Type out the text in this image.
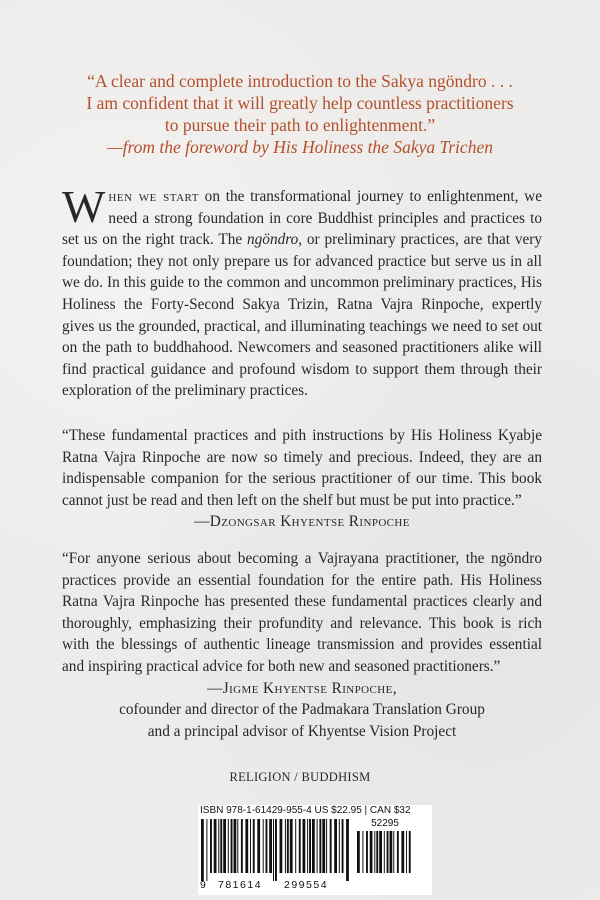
“A clear and complete introduction to the Sakya ngöndro . . .
I am confident that it will greatly help countless practitioners
to pursue their path to enlightenment.”
—from the foreword by His Holiness the Sakya Trichen
When we start on the transformational journey to enlightenment, we need a strong foundation in core Buddhist principles and practices to set us on the right track. The ngöndro, or preliminary practices, are that very foundation; they not only prepare us for advanced practice but serve us in all we do. In this guide to the common and uncommon preliminary practices, His Holiness the Forty-Second Sakya Trizin, Ratna Vajra Rinpoche, expertly gives us the grounded, practical, and illuminating teachings we need to set out on the path to buddhahood. Newcomers and seasoned practitioners alike will find practical guidance and profound wisdom to support them through their exploration of the preliminary practices.
“These fundamental practices and pith instructions by His Holiness Kyabje Ratna Vajra Rinpoche are now so timely and precious. Indeed, they are an indispensable companion for the serious practitioner of our time. This book cannot just be read and then left on the shelf but must be put into practice.”
—Dzongsar Khyentse Rinpoche
“For anyone serious about becoming a Vajrayana practitioner, the ngöndro practices provide an essential foundation for the entire path. His Holiness Ratna Vajra Rinpoche has presented these fundamental practices clearly and thoroughly, emphasizing their profundity and relevance. This book is rich with the blessings of authentic lineage transmission and provides essential and inspiring practical advice for both new and seasoned practitioners.”
—Jigme Khyentse Rinpoche,
cofounder and director of the Padmakara Translation Group
and a principal advisor of Khyentse Vision Project
RELIGION / BUDDHISM
ISBN 978-1-61429-955-4 US $22.95 | CAN $32
52295
9 781614 299554
